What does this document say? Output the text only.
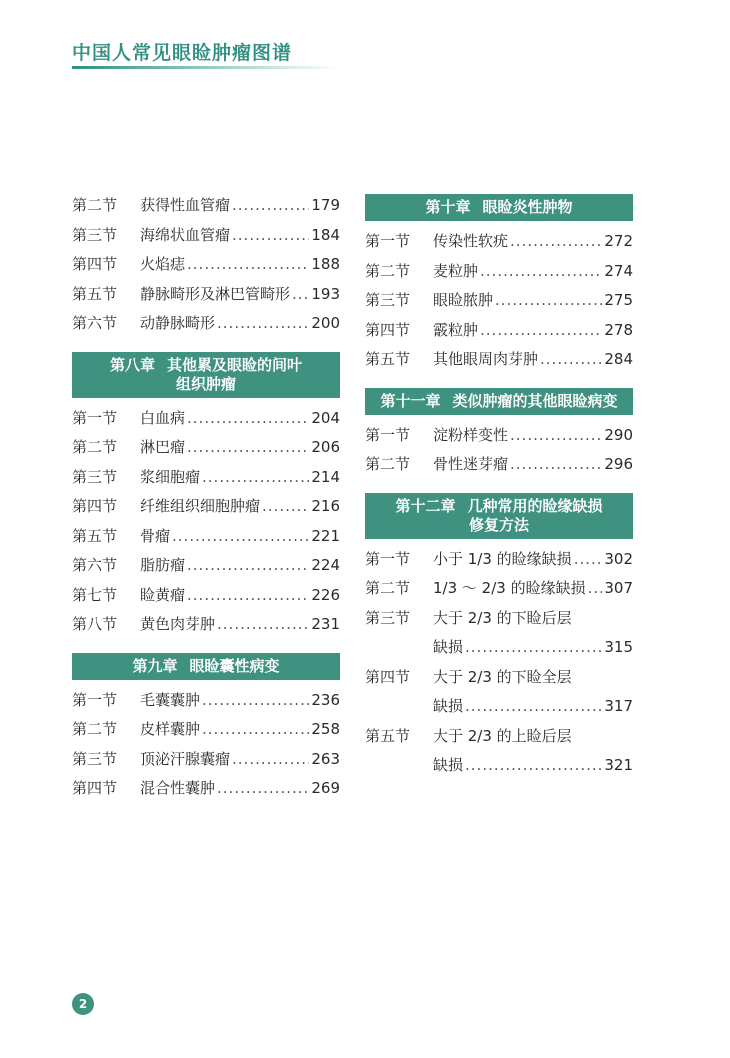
中国人常见眼睑肿瘤图谱
第二节	获得性血管瘤 .....	179
第三节	海绵状血管瘤 .....	184
第四节	火焰痣 .....	188
第五节	静脉畸形及淋巴管畸形 ..... 193
第六节	动静脉畸形 .....	200
第八章 其他累及眼睑的间叶
组织肿瘤
第一节	白血病 .....	204
第二节	淋巴瘤 .....	206
第三节	浆细胞瘤 .....	214
第四节	纤维组织细胞肿瘤 .....	216
第五节	骨瘤 .....	221
第六节	脂肪瘤 .....	224
第七节	睑黄瘤 .....	226
第八节	黄色肉芽肿 .....	231
第九章 眼睑囊性病变
第一节	毛囊囊肿 .....	236
第二节	皮样囊肿 .....	258
第三节	顶泌汗腺囊瘤 .....	263
第四节	混合性囊肿 .....	269
第十章 眼睑炎性肿物
第一节	传染性软疣 .....	272
第二节	麦粒肿 .....	274
第三节	眼睑脓肿 .....	275
第四节	霰粒肿 .....	278
第五节	其他眼周肉芽肿 .....	284
第十一章 类似肿瘤的其他眼睑病变
第一节	淀粉样变性 .....	290
第二节	骨性迷芽瘤 .....	296
第十二章 几种常用的睑缘缺损
修复方法
第一节	小于 1/3 的睑缘缺损 ..... 302
第二节	1/3 ～ 2/3 的睑缘缺损 ..... 307
第三节	大于 2/3 的下睑后层
缺损 .....	315
第四节	大于 2/3 的下睑全层
缺损 .....	317
第五节	大于 2/3 的上睑后层
缺损 .....	321
2
